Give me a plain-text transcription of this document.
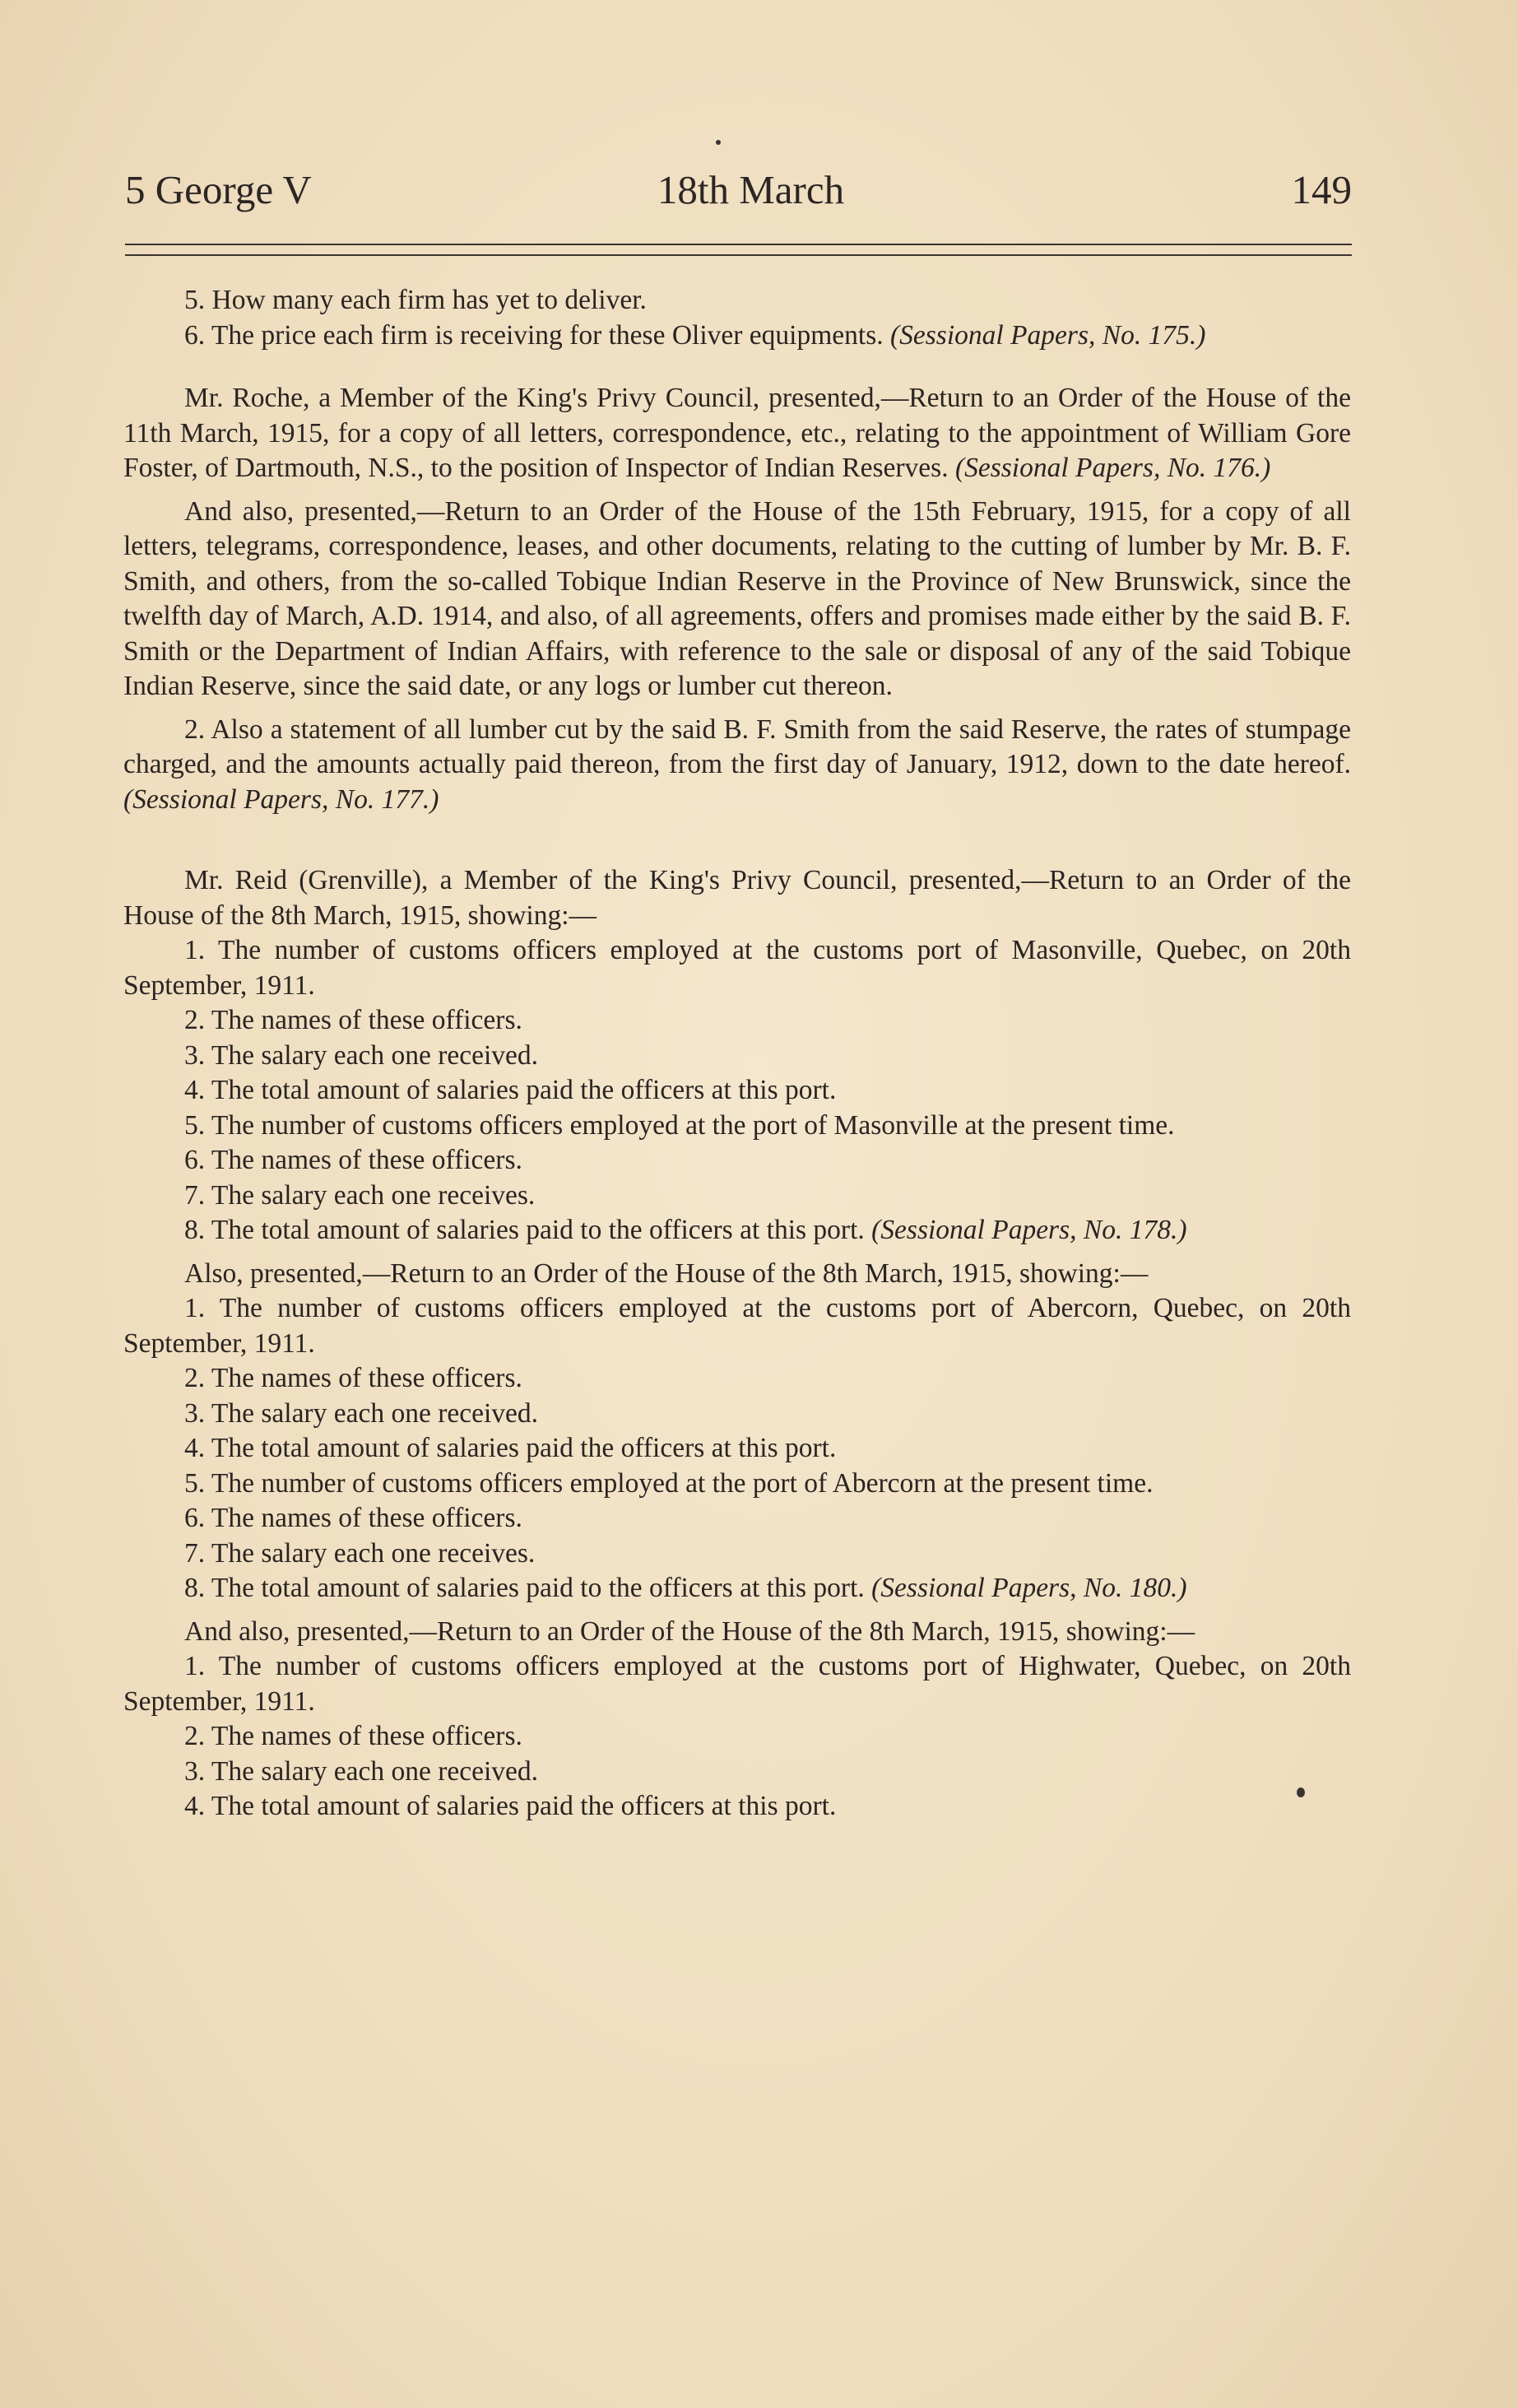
5 George V	18th March	149

5. How many each firm has yet to deliver.

6. The price each firm is receiving for these Oliver equipments. (Sessional Papers, No. 175.)

Mr. Roche, a Member of the King's Privy Council, presented,—Return to an Order of the House of the 11th March, 1915, for a copy of all letters, correspondence, etc., relating to the appointment of William Gore Foster, of Dartmouth, N.S., to the position of Inspector of Indian Reserves. (Sessional Papers, No. 176.)

And also, presented,—Return to an Order of the House of the 15th February, 1915, for a copy of all letters, telegrams, correspondence, leases, and other documents, relating to the cutting of lumber by Mr. B. F. Smith, and others, from the so-called Tobique Indian Reserve in the Province of New Brunswick, since the twelfth day of March, A.D. 1914, and also, of all agreements, offers and promises made either by the said B. F. Smith or the Department of Indian Affairs, with reference to the sale or disposal of any of the said Tobique Indian Reserve, since the said date, or any logs or lumber cut thereon.

2. Also a statement of all lumber cut by the said B. F. Smith from the said Reserve, the rates of stumpage charged, and the amounts actually paid thereon, from the first day of January, 1912, down to the date hereof. (Sessional Papers, No. 177.)

Mr. Reid (Grenville), a Member of the King's Privy Council, presented,—Return to an Order of the House of the 8th March, 1915, showing:—

1. The number of customs officers employed at the customs port of Masonville, Quebec, on 20th September, 1911.

2. The names of these officers.

3. The salary each one received.

4. The total amount of salaries paid the officers at this port.

5. The number of customs officers employed at the port of Masonville at the present time.

6. The names of these officers.

7. The salary each one receives.

8. The total amount of salaries paid to the officers at this port. (Sessional Papers, No. 178.)

Also, presented,—Return to an Order of the House of the 8th March, 1915, showing:—

1. The number of customs officers employed at the customs port of Abercorn, Quebec, on 20th September, 1911.

2. The names of these officers.

3. The salary each one received.

4. The total amount of salaries paid the officers at this port.

5. The number of customs officers employed at the port of Abercorn at the present time.

6. The names of these officers.

7. The salary each one receives.

8. The total amount of salaries paid to the officers at this port. (Sessional Papers, No. 180.)

And also, presented,—Return to an Order of the House of the 8th March, 1915, showing:—

1. The number of customs officers employed at the customs port of Highwater, Quebec, on 20th September, 1911.

2. The names of these officers.

3. The salary each one received.

4. The total amount of salaries paid the officers at this port.
